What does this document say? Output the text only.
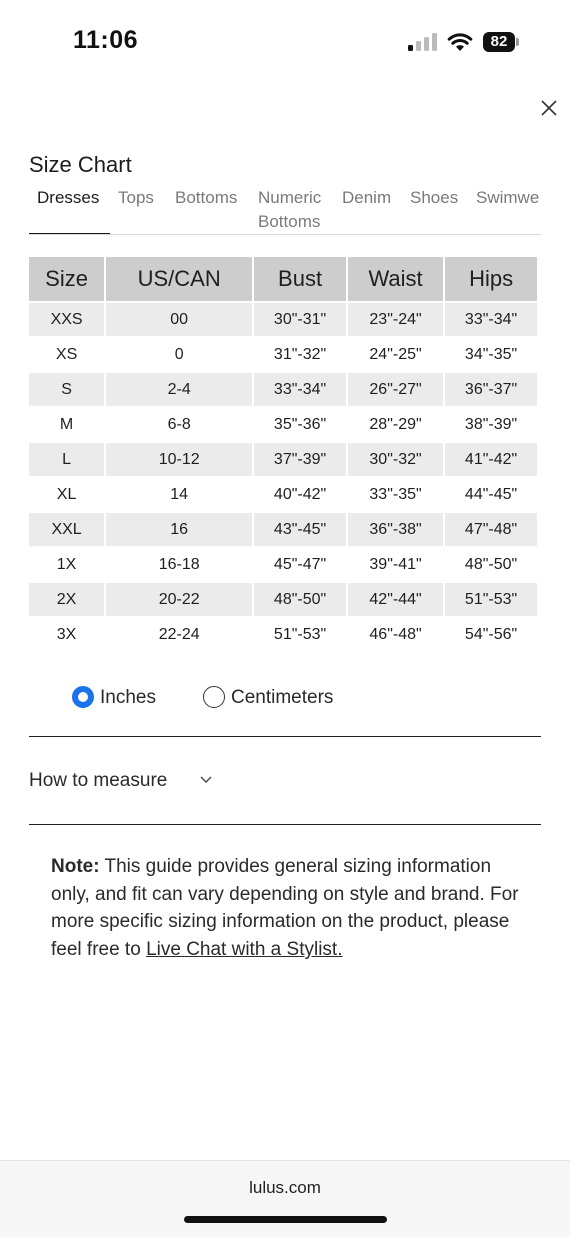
11:06	82
Size Chart
Dresses Tops Bottoms Numeric Bottoms
Denim Shoes Swimwe
Size	US/CAN	Bust	Waist	Hips
XXS	00	30"-31"	23"-24"	33"-34"
XS	0	31"-32"	24"-25"	34"-35"
S	2-4	33"-34"	26"-27"	36"-37"
M	6-8	35"-36"	28"-29"	38"-39"
L	10-12	37"-39"	30"-32"	41"-42"
XL	14	40"-42"	33"-35"	44"-45"
XXL	16	43"-45"	36"-38"	47"-48"
1X	16-18	45"-47"	39"-41"	48"-50"
2X	20-22	48"-50"	42"-44"	51"-53"
3X	22-24	51"-53"	46"-48"	54"-56"
Inches	Centimeters
How to measure
Note: This guide provides general sizing information only, and fit can vary depending on style and brand. For more specific sizing information on the product, please feel free to Live Chat with a Stylist.
lulus.com
